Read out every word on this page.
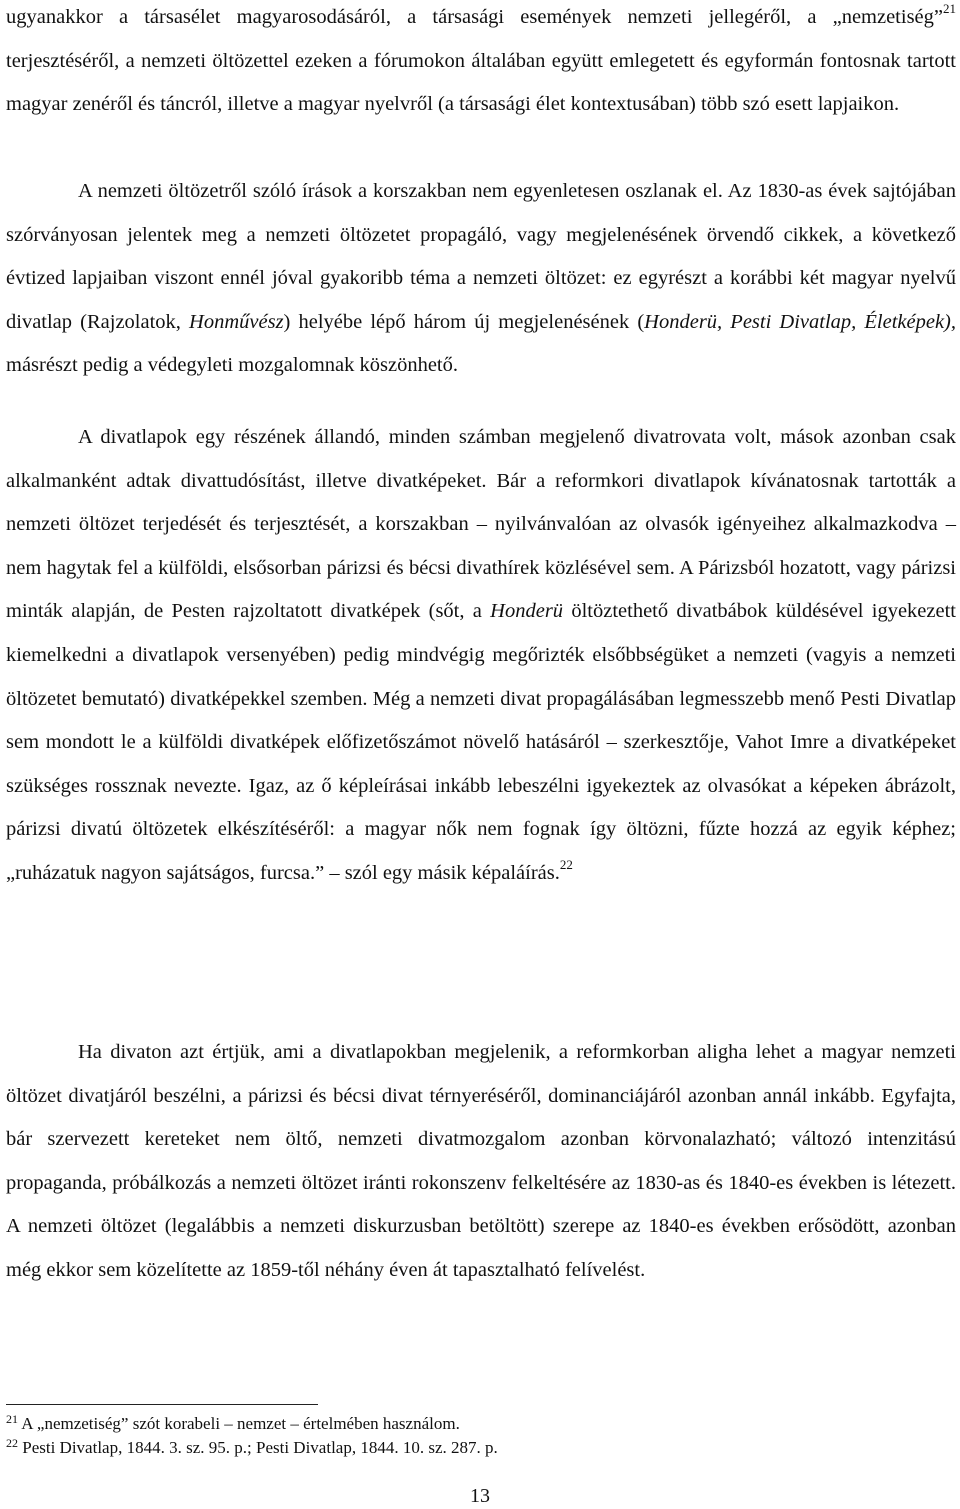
ugyanakkor a társasélet magyarosodásáról, a társasági események nemzeti jellegéről, a „nemzetiség”$^{21}$ terjesztéséről, a nemzeti öltözettel ezeken a fórumokon általában együtt emlegetett és egyformán fontosnak tartott magyar zenéről és táncról, illetve a magyar nyelvről (a társasági élet kontextusában) több szó esett lapjaikon.

A nemzeti öltözetről szóló írások a korszakban nem egyenletesen oszlanak el. Az 1830-as évek sajtójában szórványosan jelentek meg a nemzeti öltözetet propagáló, vagy megjelenésének örvendő cikkek, a következő évtized lapjaiban viszont ennél jóval gyakoribb téma a nemzeti öltözet: ez egyrészt a korábbi két magyar nyelvű divatlap (Rajzolatok, Honművész) helyébe lépő három új megjelenésének (Honderü, Pesti Divatlap, Életképek), másrészt pedig a védegyleti mozgalomnak köszönhető.

A divatlapok egy részének állandó, minden számban megjelenő divatrovata volt, mások azonban csak alkalmanként adtak divattudósítást, illetve divatképeket. Bár a reformkori divatlapok kívánatosnak tartották a nemzeti öltözet terjedését és terjesztését, a korszakban – nyilvánvalóan az olvasók igényeihez alkalmazkodva – nem hagytak fel a külföldi, elsősorban párizsi és bécsi divathírek közlésével sem. A Párizsból hozatott, vagy párizsi minták alapján, de Pesten rajzoltatott divatképek (sőt, a Honderü öltöztethető divatbábok küldésével igyekezett kiemelkedni a divatlapok versenyében) pedig mindvégig megőrizték elsőbbségüket a nemzeti (vagyis a nemzeti öltözetet bemutató) divatképekkel szemben. Még a nemzeti divat propagálásában legmesszebb menő Pesti Divatlap sem mondott le a külföldi divatképek előfizetőszámot növelő hatásáról – szerkesztője, Vahot Imre a divatképeket szükséges rossznak nevezte. Igaz, az ő képleírásai inkább lebeszélni igyekeztek az olvasókat a képeken ábrázolt, párizsi divatú öltözetek elkészítéséről: a magyar nők nem fognak így öltözni, fűzte hozzá az egyik képhez; „ruházatuk nagyon sajátságos, furcsa.” – szól egy másik képaláírás.$^{22}$

Ha divaton azt értjük, ami a divatlapokban megjelenik, a reformkorban aligha lehet a magyar nemzeti öltözet divatjáról beszélni, a párizsi és bécsi divat térnyeréséről, dominanciájáról azonban annál inkább. Egyfajta, bár szervezett kereteket nem öltő, nemzeti divatmozgalom azonban körvonalazható; változó intenzitású propaganda, próbálkozás a nemzeti öltözet iránti rokonszenv felkeltésére az 1830-as és 1840-es években is létezett. A nemzeti öltözet (legalábbis a nemzeti diskurzusban betöltött) szerepe az 1840-es években erősödött, azonban még ekkor sem közelítette az 1859-től néhány éven át tapasztalható felívelést.

$^{21}$ A „nemzetiség” szót korabeli – nemzet – értelmében használom.

$^{22}$ Pesti Divatlap, 1844. 3. sz. 95. p.; Pesti Divatlap, 1844. 10. sz. 287. p.

13
